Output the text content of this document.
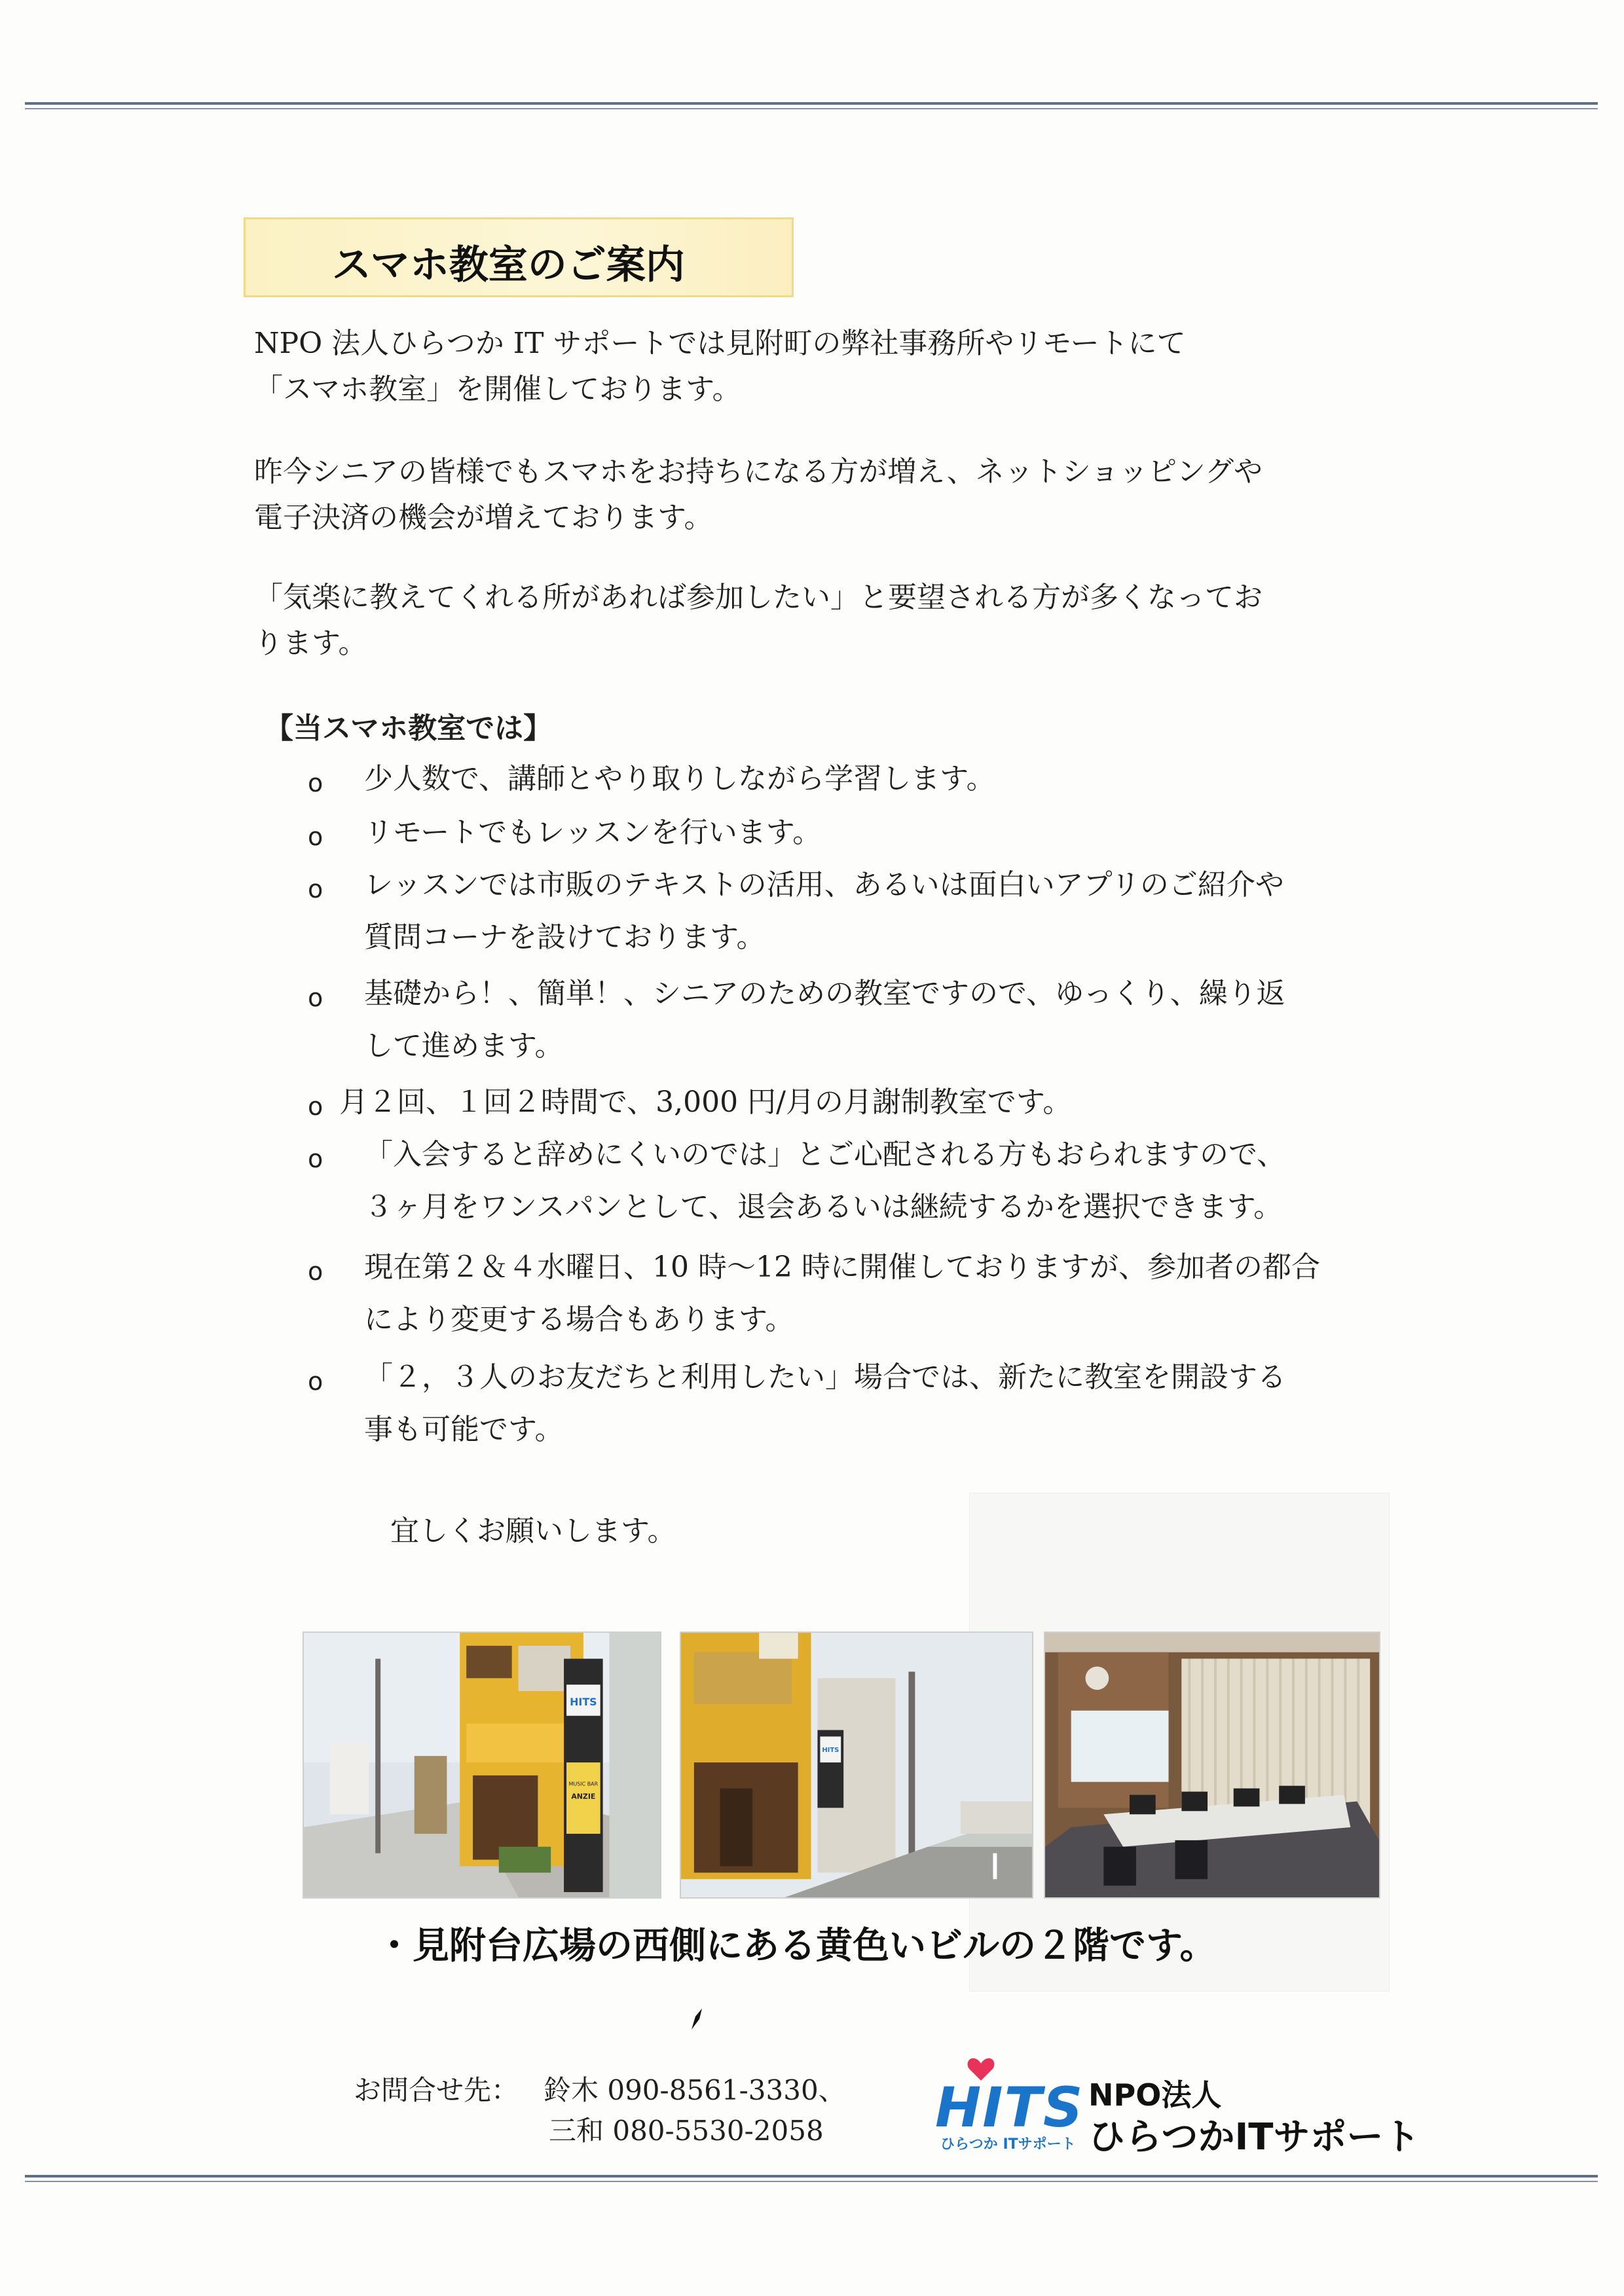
スマホ教室のご案内
NPO 法人ひらつか IT サポートでは見附町の弊社事務所やリモートにて
「スマホ教室」を開催しております。
昨今シニアの皆様でもスマホをお持ちになる方が増え、ネットショッピングや
電子決済の機会が増えております。
「気楽に教えてくれる所があれば参加したい」と要望される方が多くなってお
ります。
【当スマホ教室では】
o 少人数で、講師とやり取りしながら学習します。
o リモートでもレッスンを行います。
o レッスンでは市販のテキストの活用、あるいは面白いアプリのご紹介や
質問コーナを設けております。
o 基礎から！、簡単！、シニアのための教室ですので、ゆっくり、繰り返
して進めます。
o 月２回、１回２時間で、3,000 円/月の月謝制教室です。
o 「入会すると辞めにくいのでは」とご心配される方もおられますので、
３ヶ月をワンスパンとして、退会あるいは継続するかを選択できます。
o 現在第２＆４水曜日、10 時～12 時に開催しておりますが、参加者の都合
により変更する場合もあります。
o 「２，３人のお友だちと利用したい」場合では、新たに教室を開設する
事も可能です。
宜しくお願いします。
HITS
MUSIC BAR
ANZIE
HITS
・見附台広場の西側にある黄色いビルの２階です。
お問合せ先： 鈴木 090-8561-3330、
三和 080-5530-2058 HITS
ひらつか ITサポート
NPO法人
ひらつかITサポート
